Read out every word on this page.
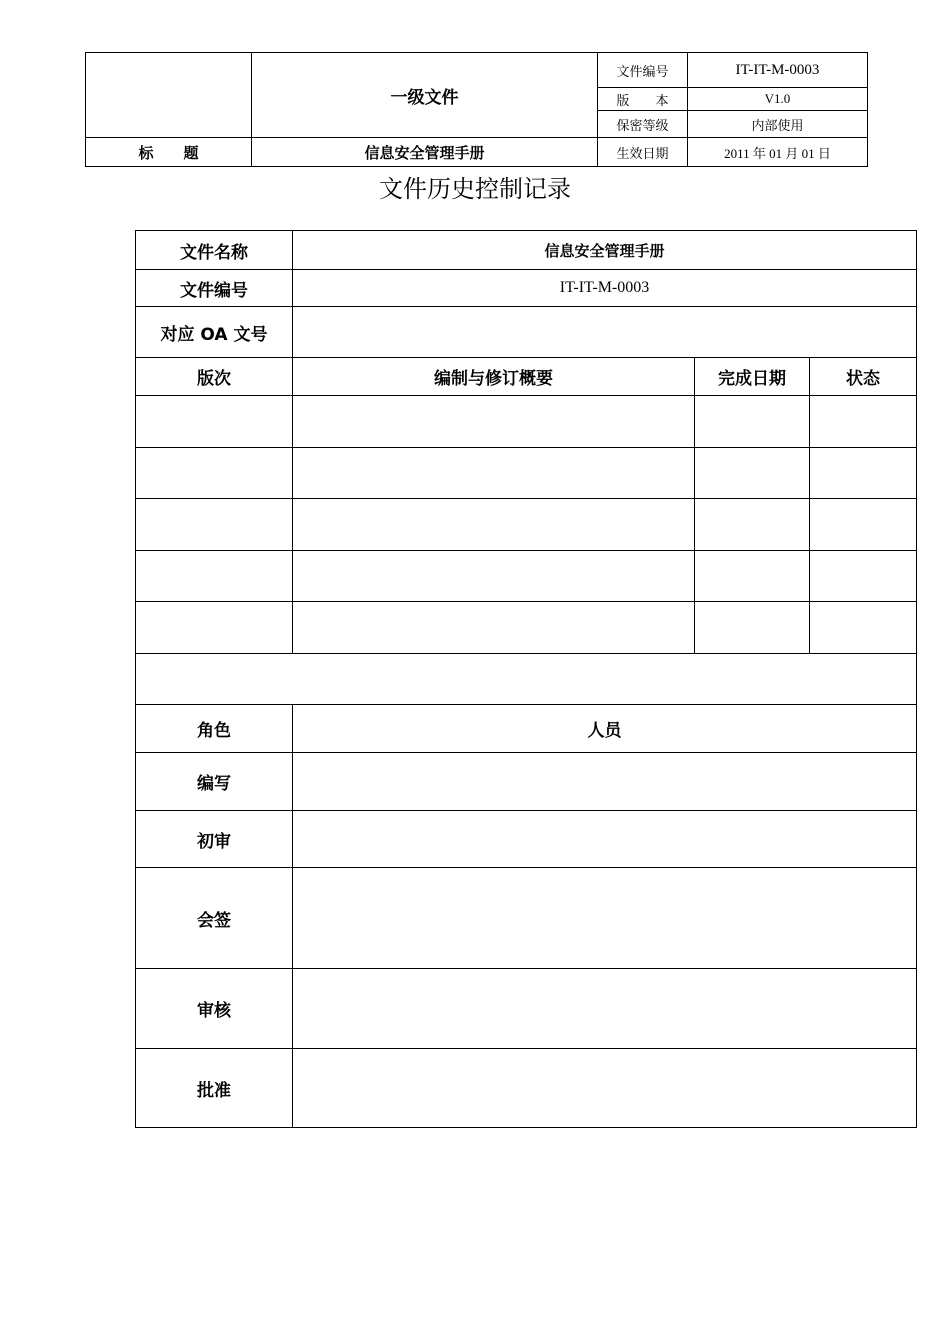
	一级文件	文件编号	IT-IT-M-0003
		版　　本	V1.0
		保密等级	内部使用
标　　题	信息安全管理手册	生效日期	2011 年 01 月 01 日
文件历史控制记录
文件名称	信息安全管理手册		
文件编号	IT-IT-M-0003		
对应 OA 文号			
版次	编制与修订概要	完成日期	状态

角色	人员		
编写			
初审			
会签			
审核			
批准			
